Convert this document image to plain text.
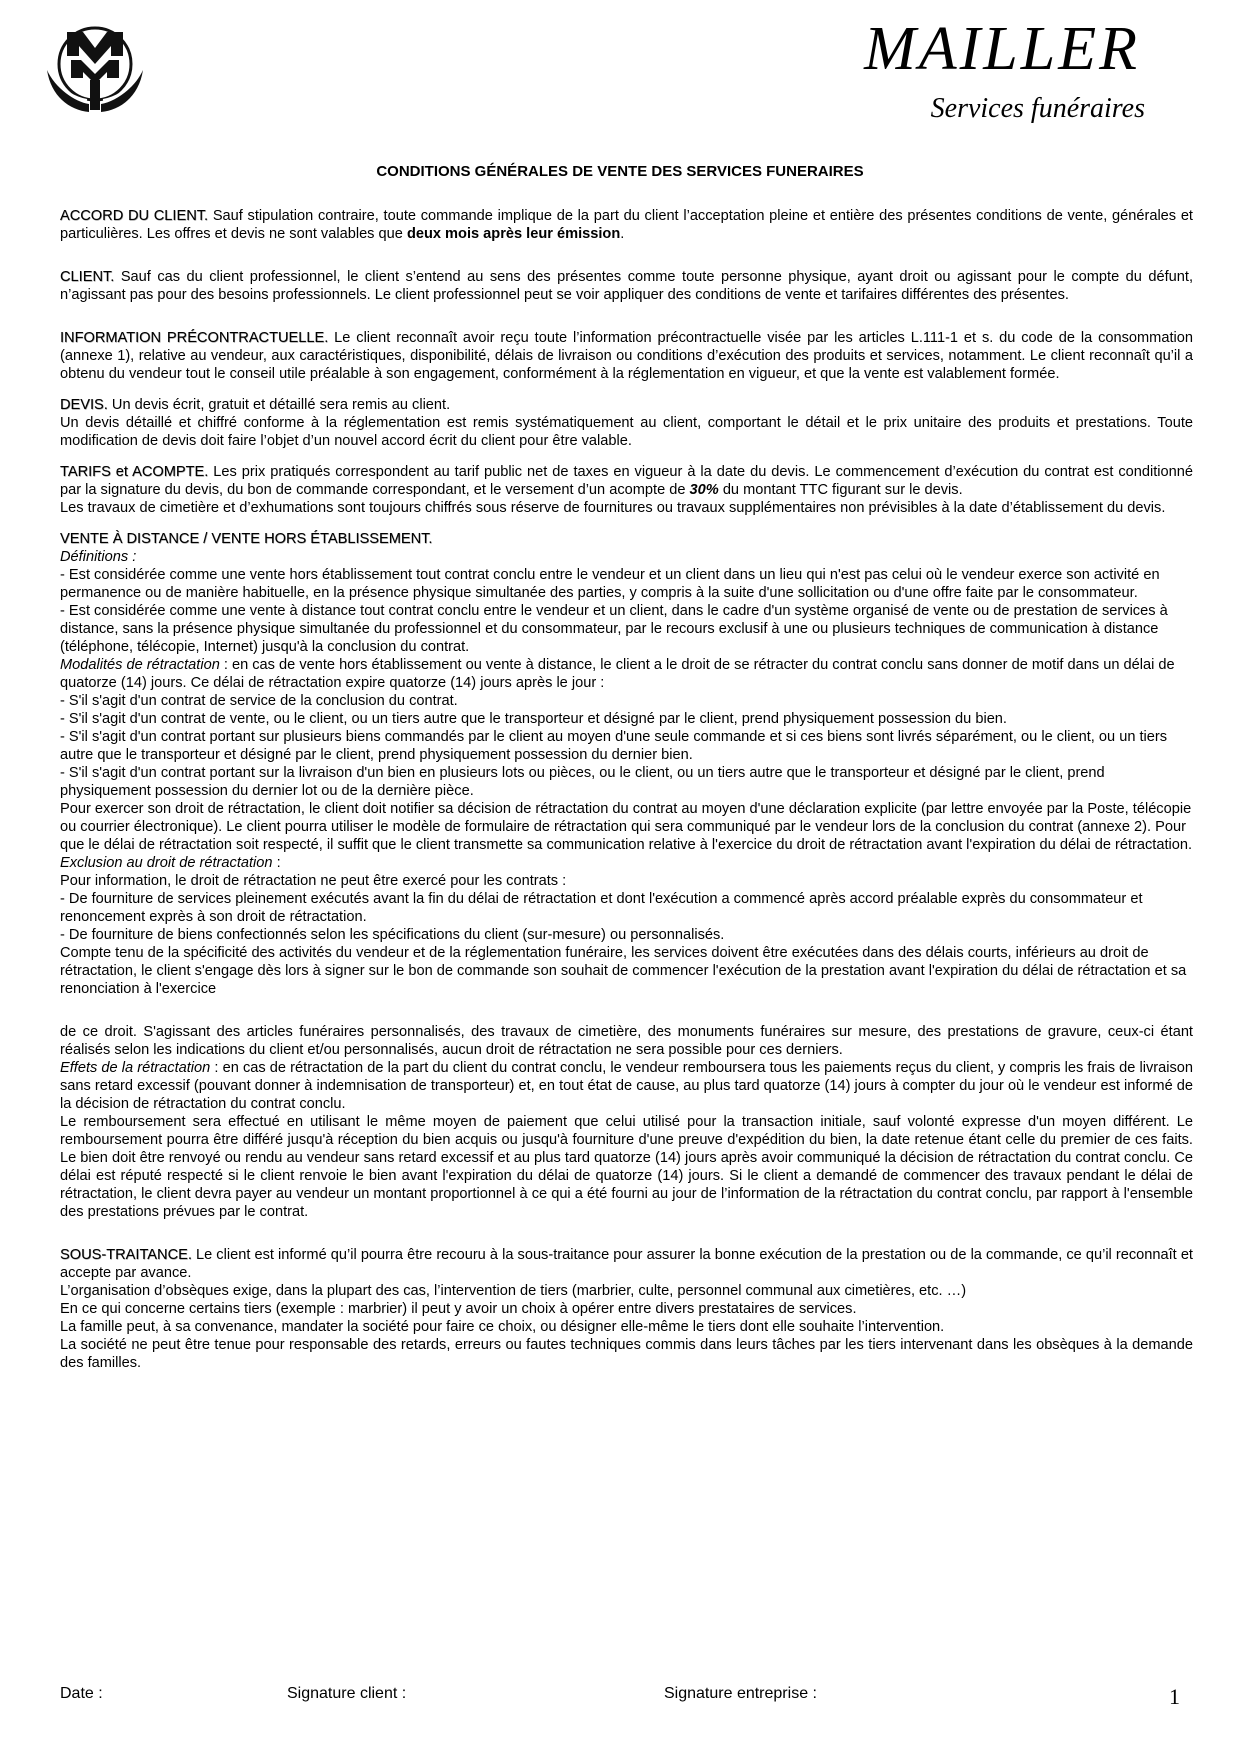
MAILLER
Services funéraires
CONDITIONS GÉNÉRALES DE VENTE DES SERVICES FUNERAIRES

ACCORD DU CLIENT. Sauf stipulation contraire, toute commande implique de la part du client l’acceptation pleine et entière des présentes conditions de vente, générales et particulières. Les offres et devis ne sont valables que deux mois après leur émission.

CLIENT. Sauf cas du client professionnel, le client s’entend au sens des présentes comme toute personne physique, ayant droit ou agissant pour le compte du défunt, n’agissant pas pour des besoins professionnels. Le client professionnel peut se voir appliquer des conditions de vente et tarifaires différentes des présentes.

INFORMATION PRÉCONTRACTUELLE. Le client reconnaît avoir reçu toute l’information précontractuelle visée par les articles L.111-1 et s. du code de la consommation (annexe 1), relative au vendeur, aux caractéristiques, disponibilité, délais de livraison ou conditions d’exécution des produits et services, notamment. Le client reconnaît qu’il a obtenu du vendeur tout le conseil utile préalable à son engagement, conformément à la réglementation en vigueur, et que la vente est valablement formée.

DEVIS. Un devis écrit, gratuit et détaillé sera remis au client.

Un devis détaillé et chiffré conforme à la réglementation est remis systématiquement au client, comportant le détail et le prix unitaire des produits et prestations. Toute modification de devis doit faire l’objet d’un nouvel accord écrit du client pour être valable.

TARIFS et ACOMPTE. Les prix pratiqués correspondent au tarif public net de taxes en vigueur à la date du devis. Le commencement d’exécution du contrat est conditionné par la signature du devis, du bon de commande correspondant, et le versement d’un acompte de 30% du montant TTC figurant sur le devis.

Les travaux de cimetière et d’exhumations sont toujours chiffrés sous réserve de fournitures ou travaux supplémentaires non prévisibles à la date d’établissement du devis.

VENTE À DISTANCE / VENTE HORS ÉTABLISSEMENT.

Définitions :

- Est considérée comme une vente hors établissement tout contrat conclu entre le vendeur et un client dans un lieu qui n'est pas celui où le vendeur exerce son activité en permanence ou de manière habituelle, en la présence physique simultanée des parties, y compris à la suite d'une sollicitation ou d'une offre faite par le consommateur.

- Est considérée comme une vente à distance tout contrat conclu entre le vendeur et un client, dans le cadre d'un système organisé de vente ou de prestation de services à distance, sans la présence physique simultanée du professionnel et du consommateur, par le recours exclusif à une ou plusieurs techniques de communication à distance (téléphone, télécopie, Internet) jusqu'à la conclusion du contrat.

Modalités de rétractation : en cas de vente hors établissement ou vente à distance, le client a le droit de se rétracter du contrat conclu sans donner de motif dans un délai de quatorze (14) jours. Ce délai de rétractation expire quatorze (14) jours après le jour :

- S'il s'agit d'un contrat de service de la conclusion du contrat.

- S'il s'agit d'un contrat de vente, ou le client, ou un tiers autre que le transporteur et désigné par le client, prend physiquement possession du bien.

- S'il s'agit d'un contrat portant sur plusieurs biens commandés par le client au moyen d'une seule commande et si ces biens sont livrés séparément, ou le client, ou un tiers autre que le transporteur et désigné par le client, prend physiquement possession du dernier bien.

- S'il s'agit d'un contrat portant sur la livraison d'un bien en plusieurs lots ou pièces, ou le client, ou un tiers autre que le transporteur et désigné par le client, prend physiquement possession du dernier lot ou de la dernière pièce.

Pour exercer son droit de rétractation, le client doit notifier sa décision de rétractation du contrat au moyen d'une déclaration explicite (par lettre envoyée par la Poste, télécopie ou courrier électronique). Le client pourra utiliser le modèle de formulaire de rétractation qui sera communiqué par le vendeur lors de la conclusion du contrat (annexe 2). Pour que le délai de rétractation soit respecté, il suffit que le client transmette sa communication relative à l'exercice du droit de rétractation avant l'expiration du délai de rétractation.

Exclusion au droit de rétractation :

Pour information, le droit de rétractation ne peut être exercé pour les contrats :

- De fourniture de services pleinement exécutés avant la fin du délai de rétractation et dont l'exécution a commencé après accord préalable exprès du consommateur et renoncement exprès à son droit de rétractation.

- De fourniture de biens confectionnés selon les spécifications du client (sur-mesure) ou personnalisés.

Compte tenu de la spécificité des activités du vendeur et de la réglementation funéraire, les services doivent être exécutées dans des délais courts, inférieurs au droit de rétractation, le client s'engage dès lors à signer sur le bon de commande son souhait de commencer l'exécution de la prestation avant l'expiration du délai de rétractation et sa renonciation à l'exercice

de ce droit. S'agissant des articles funéraires personnalisés, des travaux de cimetière, des monuments funéraires sur mesure, des prestations de gravure, ceux-ci étant réalisés selon les indications du client et/ou personnalisés, aucun droit de rétractation ne sera possible pour ces derniers.

Effets de la rétractation : en cas de rétractation de la part du client du contrat conclu, le vendeur remboursera tous les paiements reçus du client, y compris les frais de livraison sans retard excessif (pouvant donner à indemnisation de transporteur) et, en tout état de cause, au plus tard quatorze (14) jours à compter du jour où le vendeur est informé de la décision de rétractation du contrat conclu.

Le remboursement sera effectué en utilisant le même moyen de paiement que celui utilisé pour la transaction initiale, sauf volonté expresse d'un moyen différent. Le remboursement pourra être différé jusqu'à réception du bien acquis ou jusqu'à fourniture d'une preuve d'expédition du bien, la date retenue étant celle du premier de ces faits. Le bien doit être renvoyé ou rendu au vendeur sans retard excessif et au plus tard quatorze (14) jours après avoir communiqué la décision de rétractation du contrat conclu. Ce délai est réputé respecté si le client renvoie le bien avant l'expiration du délai de quatorze (14) jours. Si le client a demandé de commencer des travaux pendant le délai de rétractation, le client devra payer au vendeur un montant proportionnel à ce qui a été fourni au jour de l’information de la rétractation du contrat conclu, par rapport à l'ensemble des prestations prévues par le contrat.

SOUS-TRAITANCE. Le client est informé qu’il pourra être recouru à la sous-traitance pour assurer la bonne exécution de la prestation ou de la commande, ce qu’il reconnaît et accepte par avance.

L’organisation d’obsèques exige, dans la plupart des cas, l’intervention de tiers (marbrier, culte, personnel communal aux cimetières, etc. …)

En ce qui concerne certains tiers (exemple : marbrier) il peut y avoir un choix à opérer entre divers prestataires de services.

La famille peut, à sa convenance, mandater la société pour faire ce choix, ou désigner elle-même le tiers dont elle souhaite l’intervention.

La société ne peut être tenue pour responsable des retards, erreurs ou fautes techniques commis dans leurs tâches par les tiers intervenant dans les obsèques à la demande des familles.

Date :	Signature client :	Signature entreprise :	1
